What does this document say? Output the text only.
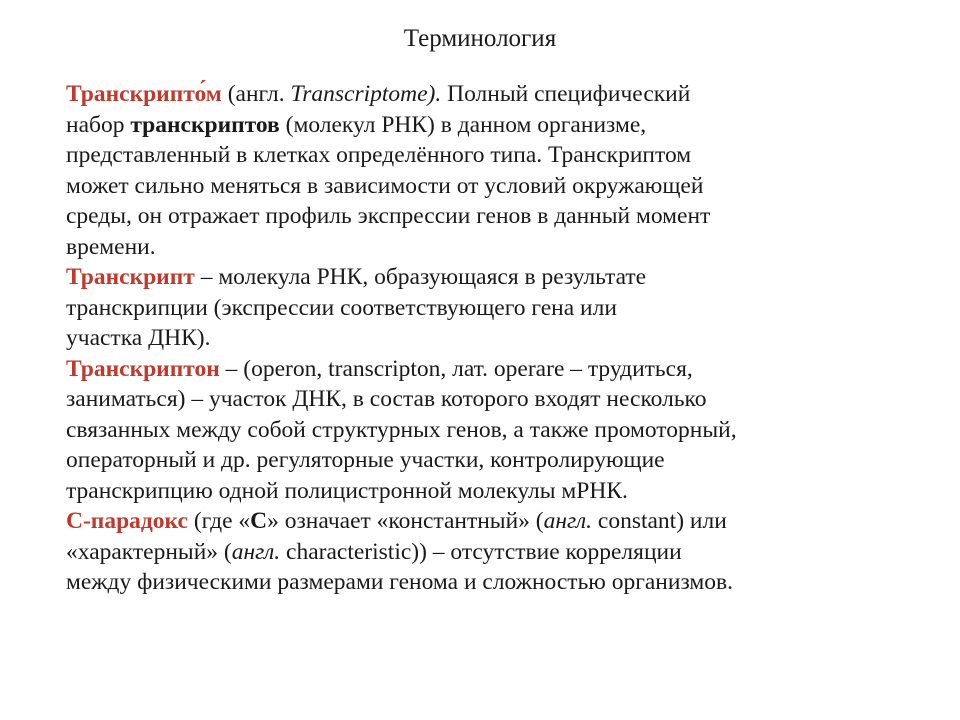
Терминология

Транскрипто́м (англ. Transcriptome). Полный специфический
набор транскриптов (молекул РНК) в данном организме,
представленный в клетках определённого типа. Транскриптом
может сильно меняться в зависимости от условий окружающей
среды, он отражает профиль экспрессии генов в данный момент
времени.

Транскрипт – молекула РНК, образующаяся в результате
транскрипции (экспрессии соответствующего гена или
участка ДНК).

Транскриптон – (operon, transcripton, лат. operare – трудиться,
заниматься) – участок ДНК, в состав которого входят несколько
связанных между собой структурных генов, а также промоторный,
операторный и др. регуляторные участки, контролирующие
транскрипцию одной полицистронной молекулы мРНК.

С-парадокс (где «С» означает «константный» (англ. constant) или
«характерный» (англ. characteristic)) – отсутствие корреляции
между физическими размерами генома и сложностью организмов.
